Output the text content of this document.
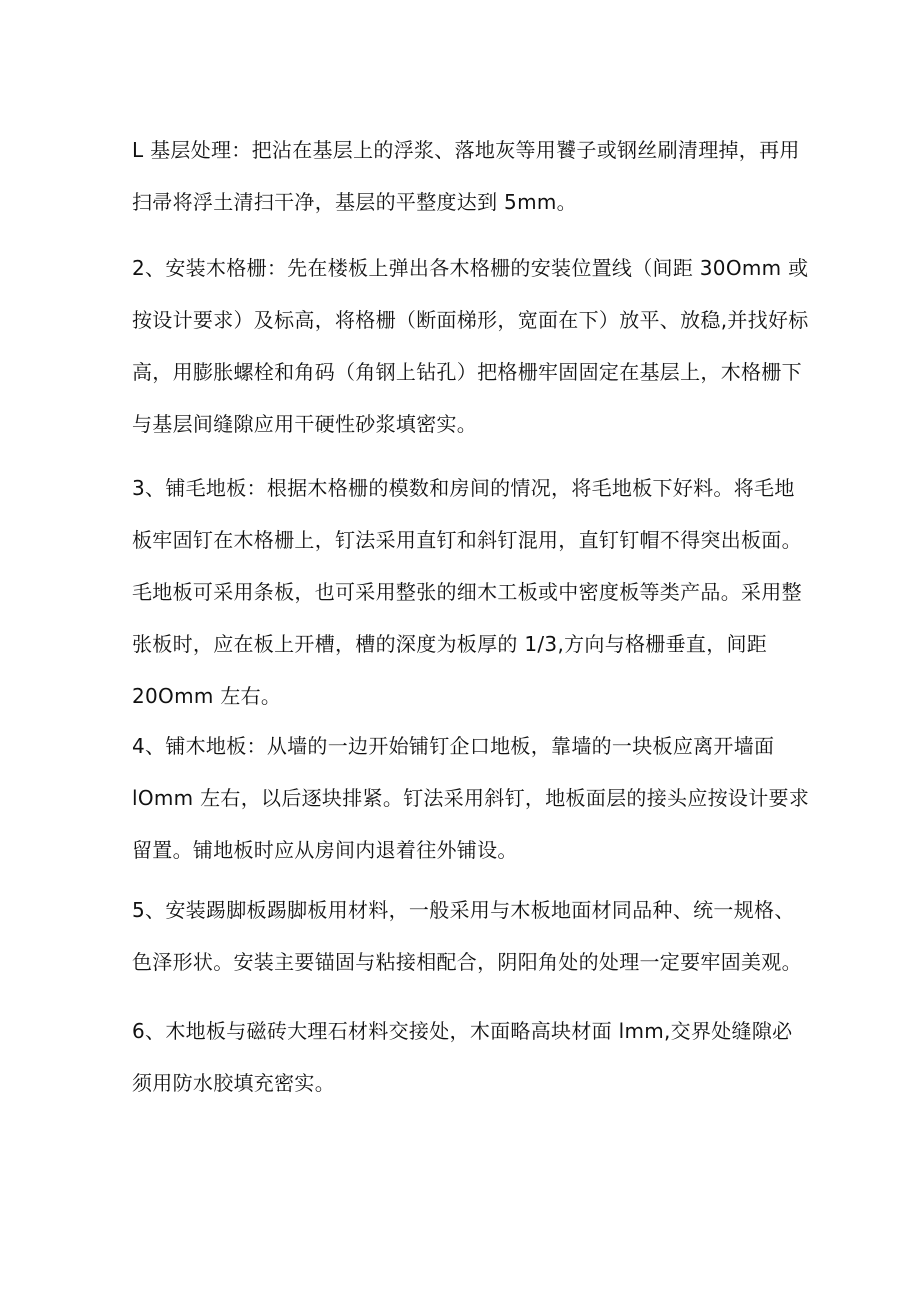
L 基层处理：把沾在基层上的浮浆、落地灰等用饕子或钢丝刷清理掉，再用
扫帚将浮土清扫干净，基层的平整度达到 5mm。

2、安装木格栅：先在楼板上弹出各木格栅的安装位置线（间距 30Omm 或
按设计要求）及标高，将格栅（断面梯形，宽面在下）放平、放稳,并找好标
高，用膨胀螺栓和角码（角钢上钻孔）把格栅牢固固定在基层上，木格栅下
与基层间缝隙应用干硬性砂浆填密实。

3、铺毛地板：根据木格栅的模数和房间的情况，将毛地板下好料。将毛地
板牢固钉在木格栅上，钉法采用直钉和斜钉混用，直钉钉帽不得突出板面。
毛地板可采用条板，也可采用整张的细木工板或中密度板等类产品。采用整
张板时，应在板上开槽，槽的深度为板厚的 1/3,方向与格栅垂直，间距
20Omm 左右。

4、铺木地板：从墙的一边开始铺钉企口地板，靠墙的一块板应离开墙面
lOmm 左右，以后逐块排紧。钉法采用斜钉，地板面层的接头应按设计要求
留置。铺地板时应从房间内退着往外铺设。

5、安装踢脚板踢脚板用材料，一般采用与木板地面材同品种、统一规格、
色泽形状。安装主要锚固与粘接相配合，阴阳角处的处理一定要牢固美观。

6、木地板与磁砖大理石材料交接处，木面略高块材面 lmm,交界处缝隙必
须用防水胶填充密实。
